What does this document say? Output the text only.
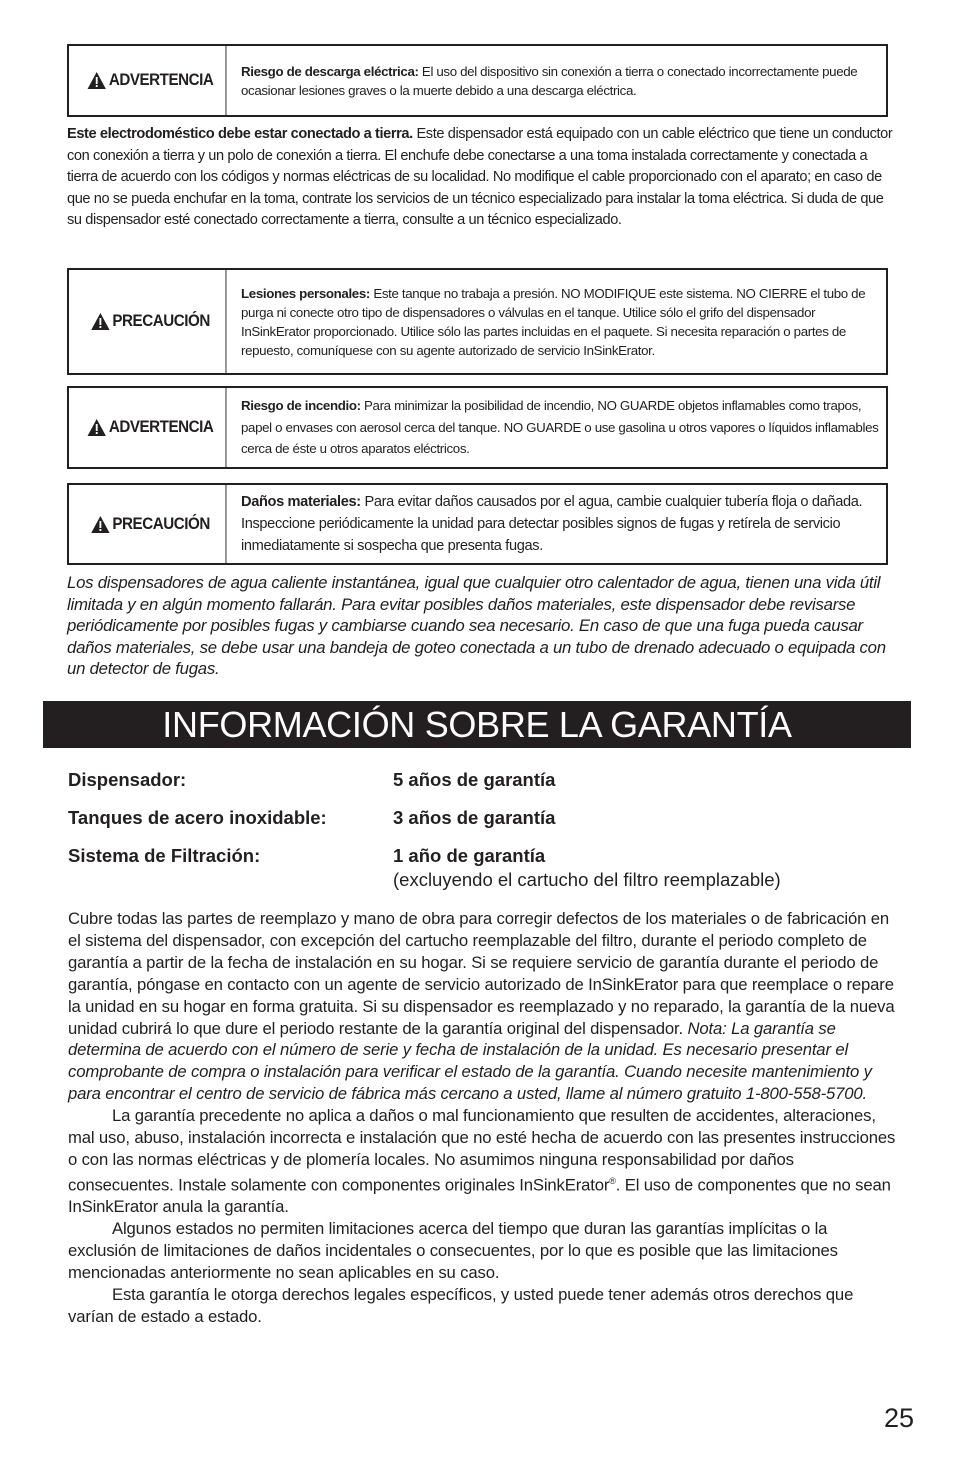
ADVERTENCIA Riesgo de descarga eléctrica: El uso del dispositivo sin conexión a tierra o conectado incorrectamente puede ocasionar lesiones graves o la muerte debido a una descarga eléctrica.
Este electrodoméstico debe estar conectado a tierra. Este dispensador está equipado con un cable eléctrico que tiene un conductor con conexión a tierra y un polo de conexión a tierra. El enchufe debe conectarse a una toma instalada correctamente y conectada a tierra de acuerdo con los códigos y normas eléctricas de su localidad. No modifique el cable proporcionado con el aparato; en caso de que no se pueda enchufar en la toma, contrate los servicios de un técnico especializado para instalar la toma eléctrica. Si duda de que su dispensador esté conectado correctamente a tierra, consulte a un técnico especializado.
PRECAUCIÓN
Lesiones personales: Este tanque no trabaja a presión. NO MODIFIQUE este sistema. NO CIERRE el tubo de purga ni conecte otro tipo de dispensadores o válvulas en el tanque. Utilice sólo el grifo del dispensador InSinkErator proporcionado. Utilice sólo las partes incluidas en el paquete. Si necesita reparación o partes de repuesto, comuníquese con su agente autorizado de servicio InSinkErator.
ADVERTENCIA
Riesgo de incendio: Para minimizar la posibilidad de incendio, NO GUARDE objetos inflamables como trapos, papel o envases con aerosol cerca del tanque. NO GUARDE o use gasolina u otros vapores o líquidos inflamables cerca de éste u otros aparatos eléctricos.
PRECAUCIÓN
Daños materiales: Para evitar daños causados por el agua, cambie cualquier tubería floja o dañada. Inspeccione periódicamente la unidad para detectar posibles signos de fugas y retírela de servicio inmediatamente si sospecha que presenta fugas.
Los dispensadores de agua caliente instantánea, igual que cualquier otro calentador de agua, tienen una vida útil limitada y en algún momento fallarán. Para evitar posibles daños materiales, este dispensador debe revisarse periódicamente por posibles fugas y cambiarse cuando sea necesario. En caso de que una fuga pueda causar daños materiales, se debe usar una bandeja de goteo conectada a un tubo de drenado adecuado o equipada con un detector de fugas.
INFORMACIÓN SOBRE LA GARANTÍA
Dispensador:	5 años de garantía
Tanques de acero inoxidable:	3 años de garantía
Sistema de Filtración:	1 año de garantía
(excluyendo el cartucho del filtro reemplazable)

Cubre todas las partes de reemplazo y mano de obra para corregir defectos de los materiales o de fabricación en el sistema del dispensador, con excepción del cartucho reemplazable del filtro, durante el periodo completo de garantía a partir de la fecha de instalación en su hogar. Si se requiere servicio de garantía durante el periodo de garantía, póngase en contacto con un agente de servicio autorizado de InSinkErator para que reemplace o repare la unidad en su hogar en forma gratuita. Si su dispensador es reemplazado y no reparado, la garantía de la nueva unidad cubrirá lo que dure el periodo restante de la garantía original del dispensador. Nota: La garantía se determina de acuerdo con el número de serie y fecha de instalación de la unidad. Es necesario presentar el comprobante de compra o instalación para verificar el estado de la garantía. Cuando necesite mantenimiento y para encontrar el centro de servicio de fábrica más cercano a usted, llame al número gratuito 1-800-558-5700.

La garantía precedente no aplica a daños o mal funcionamiento que resulten de accidentes, alteraciones, mal uso, abuso, instalación incorrecta e instalación que no esté hecha de acuerdo con las presentes instrucciones o con las normas eléctricas y de plomería locales. No asumimos ninguna responsabilidad por daños consecuentes. Instale solamente con componentes originales InSinkErator®. El uso de componentes que no sean InSinkErator anula la garantía.

Algunos estados no permiten limitaciones acerca del tiempo que duran las garantías implícitas o la exclusión de limitaciones de daños incidentales o consecuentes, por lo que es posible que las limitaciones mencionadas anteriormente no sean aplicables en su caso.

Esta garantía le otorga derechos legales específicos, y usted puede tener además otros derechos que varían de estado a estado.

25
